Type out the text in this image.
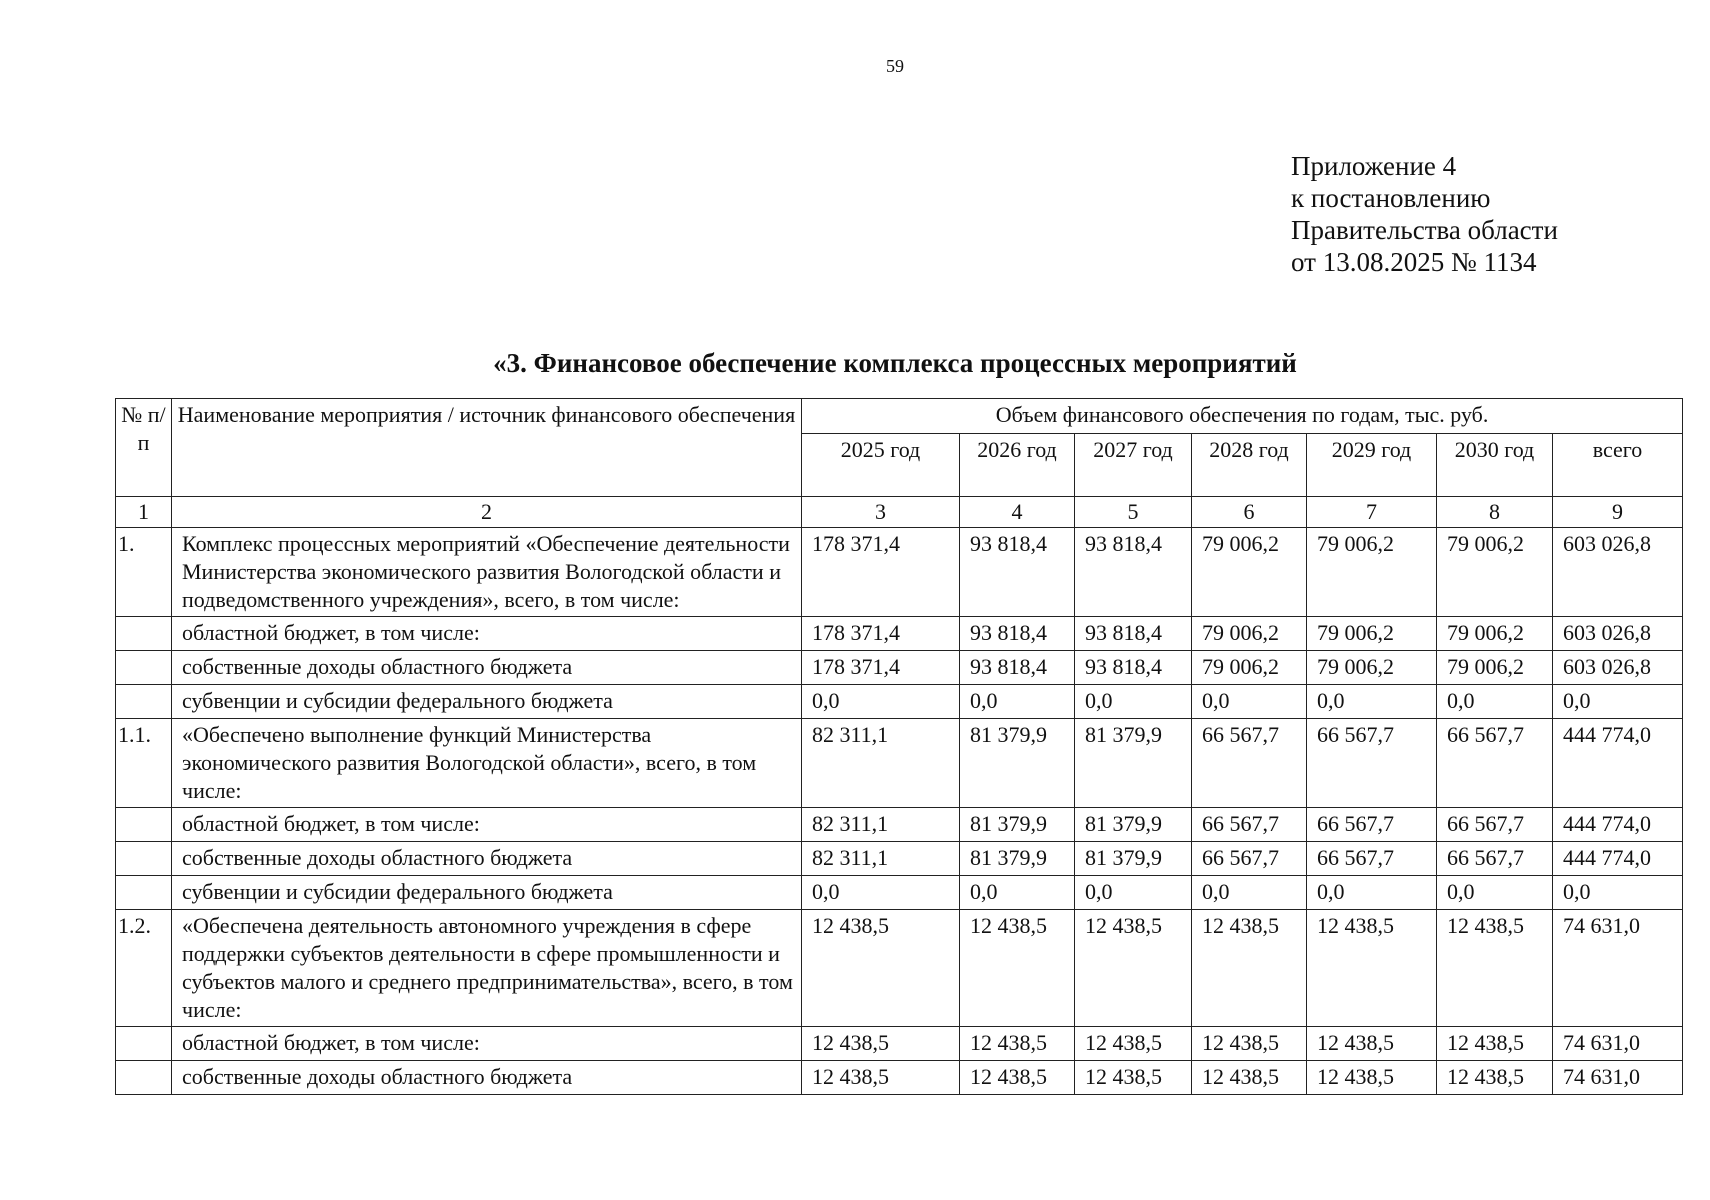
59
Приложение 4
к постановлению
Правительства области
от 13.08.2025 № 1134
«3. Финансовое обеспечение комплекса процессных мероприятий
№ п/п	Наименование мероприятия / источник финансового обеспечения	Объем финансового обеспечения по годам, тыс. руб.						
		2025 год	2026 год	2027 год	2028 год	2029 год	2030 год	всего
1	2	3	4	5	6	7	8	9
1.	Комплекс процессных мероприятий «Обеспечение деятельности Министерства экономического развития Вологодской области и подведомственного учреждения», всего, в том числе:	178 371,4	93 818,4	93 818,4	79 006,2	79 006,2	79 006,2	603 026,8
	областной бюджет, в том числе:	178 371,4	93 818,4	93 818,4	79 006,2	79 006,2	79 006,2	603 026,8
	собственные доходы областного бюджета	178 371,4	93 818,4	93 818,4	79 006,2	79 006,2	79 006,2	603 026,8
	субвенции и субсидии федерального бюджета	0,0	0,0	0,0	0,0	0,0	0,0	0,0
1.1.	«Обеспечено выполнение функций Министерства экономического развития Вологодской области», всего, в том числе:	82 311,1	81 379,9	81 379,9	66 567,7	66 567,7	66 567,7	444 774,0
	областной бюджет, в том числе:	82 311,1	81 379,9	81 379,9	66 567,7	66 567,7	66 567,7	444 774,0
	собственные доходы областного бюджета	82 311,1	81 379,9	81 379,9	66 567,7	66 567,7	66 567,7	444 774,0
	субвенции и субсидии федерального бюджета	0,0	0,0	0,0	0,0	0,0	0,0	0,0
1.2.	«Обеспечена деятельность автономного учреждения в сфере поддержки субъектов деятельности в сфере промышленности и субъектов малого и среднего предпринимательства», всего, в том числе:	12 438,5	12 438,5	12 438,5	12 438,5	12 438,5	12 438,5	74 631,0
	областной бюджет, в том числе:	12 438,5	12 438,5	12 438,5	12 438,5	12 438,5	12 438,5	74 631,0
	собственные доходы областного бюджета	12 438,5	12 438,5	12 438,5	12 438,5	12 438,5	12 438,5	74 631,0
